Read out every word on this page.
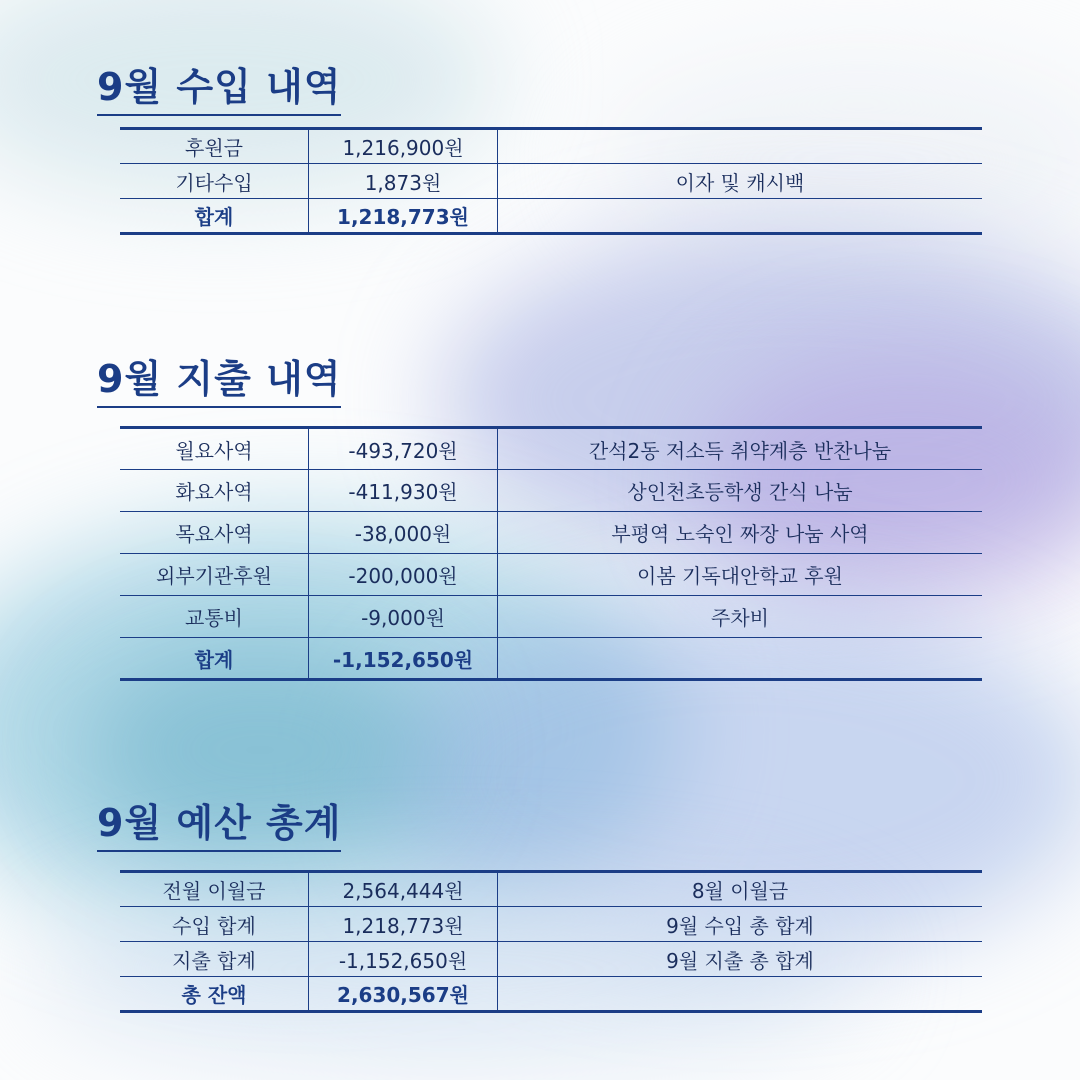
9월 수입 내역
후원금	1,216,900원	
기타수입	1,873원	이자 및 캐시백
합계	1,218,773원	
9월 지출 내역
월요사역	-493,720원	간석2동 저소득 취약계층 반찬나눔
화요사역	-411,930원	상인천초등학생 간식 나눔
목요사역	-38,000원	부평역 노숙인 짜장 나눔 사역
외부기관후원	-200,000원	이봄 기독대안학교 후원
교통비	-9,000원	주차비
합계	-1,152,650원	
9월 예산 총계
전월 이월금	2,564,444원	8월 이월금
수입 합계	1,218,773원	9월 수입 총 합계
지출 합계	-1,152,650원	9월 지출 총 합계
총 잔액	2,630,567원	
